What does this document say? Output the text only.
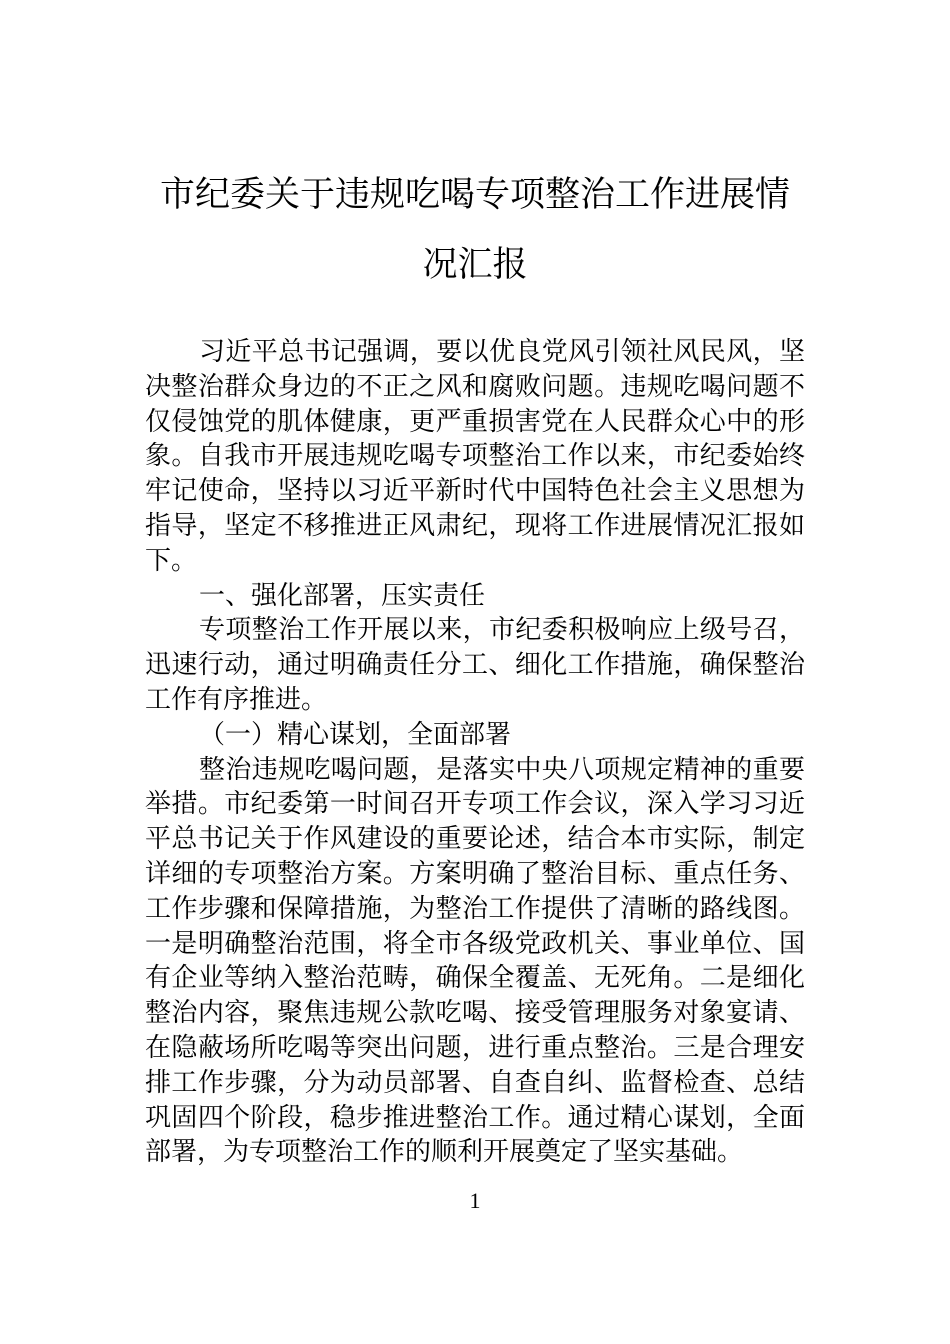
市纪委关于违规吃喝专项整治工作进展情
况汇报
习近平总书记强调，要以优良党风引领社风民风，坚
决整治群众身边的不正之风和腐败问题。违规吃喝问题不
仅侵蚀党的肌体健康，更严重损害党在人民群众心中的形
象。自我市开展违规吃喝专项整治工作以来，市纪委始终
牢记使命，坚持以习近平新时代中国特色社会主义思想为
指导，坚定不移推进正风肃纪，现将工作进展情况汇报如
下。
一、强化部署，压实责任
专项整治工作开展以来，市纪委积极响应上级号召，
迅速行动，通过明确责任分工、细化工作措施，确保整治
工作有序推进。
（一）精心谋划，全面部署
整治违规吃喝问题，是落实中央八项规定精神的重要
举措。市纪委第一时间召开专项工作会议，深入学习习近
平总书记关于作风建设的重要论述，结合本市实际，制定
详细的专项整治方案。方案明确了整治目标、重点任务、
工作步骤和保障措施，为整治工作提供了清晰的路线图。
一是明确整治范围，将全市各级党政机关、事业单位、国
有企业等纳入整治范畴，确保全覆盖、无死角。二是细化
整治内容，聚焦违规公款吃喝、接受管理服务对象宴请、
在隐蔽场所吃喝等突出问题，进行重点整治。三是合理安
排工作步骤，分为动员部署、自查自纠、监督检查、总结
巩固四个阶段，稳步推进整治工作。通过精心谋划，全面
部署，为专项整治工作的顺利开展奠定了坚实基础。
1
